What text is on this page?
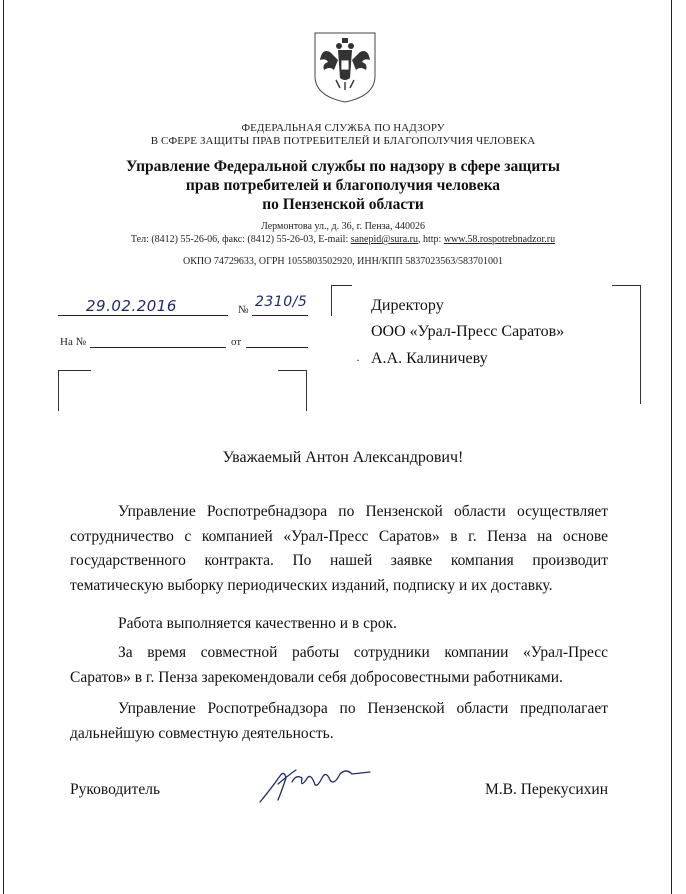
ФЕДЕРАЛЬНАЯ СЛУЖБА ПО НАДЗОРУ
В СФЕРЕ ЗАЩИТЫ ПРАВ ПОТРЕБИТЕЛЕЙ И БЛАГОПОЛУЧИЯ ЧЕЛОВЕКА
Управление Федеральной службы по надзору в сфере защиты
прав потребителей и благополучия человека
по Пензенской области
Лермонтова ул., д. 36, г. Пенза, 440026
Тел: (8412) 55-26-06, факс: (8412) 55-26-03, E-mail: sanepid@sura.ru, http: www.58.rospotrebnadzor.ru
ОКПО 74729633, ОГРН 1055803502920, ИНН/КПП 5837023563/583701001
29.02.2016	№ 2310/5
На №	от
Директору
ООО «Урал-Пресс Саратов»
А.А. Калиничеву
·
Уважаемый Антон Александрович!

Управление Роспотребнадзора по Пензенской области осуществляет сотрудничество с компанией «Урал-Пресс Саратов» в г. Пенза на основе государственного контракта. По нашей заявке компания производит тематическую выборку периодических изданий, подписку и их доставку.

Работа выполняется качественно и в срок.

За время совместной работы сотрудники компании «Урал-Пресс Саратов» в г. Пенза зарекомендовали себя добросовестными работниками.

Управление Роспотребнадзора по Пензенской области предполагает дальнейшую совместную деятельность.

Руководитель	М.В. Перекусихин
